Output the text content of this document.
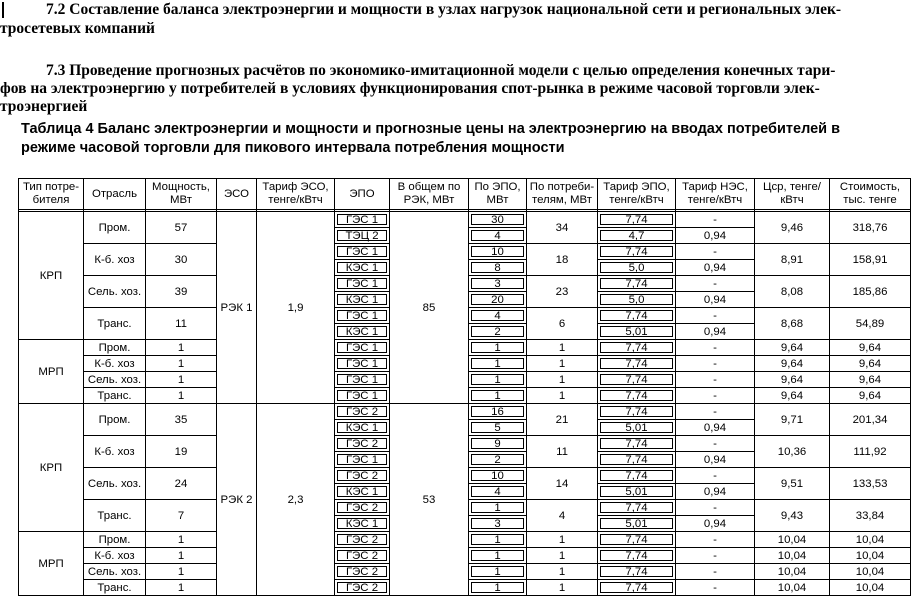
7.2 Составление баланса электроэнергии и мощности в узлах нагрузок национальной сети и региональных элек-
тросетевых компаний
7.3 Проведение прогнозных расчётов по экономико-имитационной модели с целью определения конечных тари-
фов на электроэнергию у потребителей в условиях функционирования спот-рынка в режиме часовой торговли элек-
троэнергией
Таблица 4 Баланс электроэнергии и мощности и прогнозные цены на электроэнергию на вводах потребителей в
режиме часовой торговли для пикового интервала потребления мощности
Тип потре-бителя	Отрасль	Мощность, МВт	ЭСО	Тариф ЭСО, тенге/кВтч	ЭПО	В общем по РЭК, МВт	По ЭПО, МВт	По потреби-телям, МВт	Тариф ЭПО, тенге/кВтч	Тариф НЭС, тенге/кВтч	Цср, тенге/кВтч	Стоимость, тыс. тенге

КРП	Пром.	57	РЭК 1	1,9	ГЭС 1	85	30	34	7,74	-	9,46	318,76
					ТЭЦ 2		4		4,7	0,94		
	К-б. хоз	30			ГЭС 1		10	18	7,74	-	8,91	158,91
					КЭС 1		8		5,0	0,94		
	Сель. хоз.	39			ГЭС 1		3	23	7,74	-	8,08	185,86
					КЭС 1		20		5,0	0,94		
	Транс.	11			ГЭС 1		4	6	7,74	-	8,68	54,89
					КЭС 1		2		5,01	0,94		
МРП	Пром.	1			ГЭС 1		1	1	7,74	-	9,64	9,64
	К-б. хоз	1			ГЭС 1		1	1	7,74	-	9,64	9,64
	Сель. хоз.	1			ГЭС 1		1	1	7,74	-	9,64	9,64
	Транс.	1			ГЭС 1		1	1	7,74	-	9,64	9,64
КРП	Пром.	35	РЭК 2	2,3	ГЭС 2	53	16	21	7,74	-	9,71	201,34
					КЭС 1		5		5,01	0,94		
	К-б. хоз	19			ГЭС 2		9	11	7,74	-	10,36	111,92
					ГЭС 1		2		7,74	0,94		
	Сель. хоз.	24			ГЭС 2		10	14	7,74	-	9,51	133,53
					КЭС 1		4		5,01	0,94		
	Транс.	7			ГЭС 2		1	4	7,74	-	9,43	33,84
					КЭС 1		3		5,01	0,94		
МРП	Пром.	1			ГЭС 2		1	1	7,74	-	10,04	10,04
	К-б. хоз	1			ГЭС 2		1	1	7,74	-	10,04	10,04
	Сель. хоз.	1			ГЭС 2		1	1	7,74	-	10,04	10,04
	Транс.	1			ГЭС 2		1	1	7,74	-	10,04	10,04
